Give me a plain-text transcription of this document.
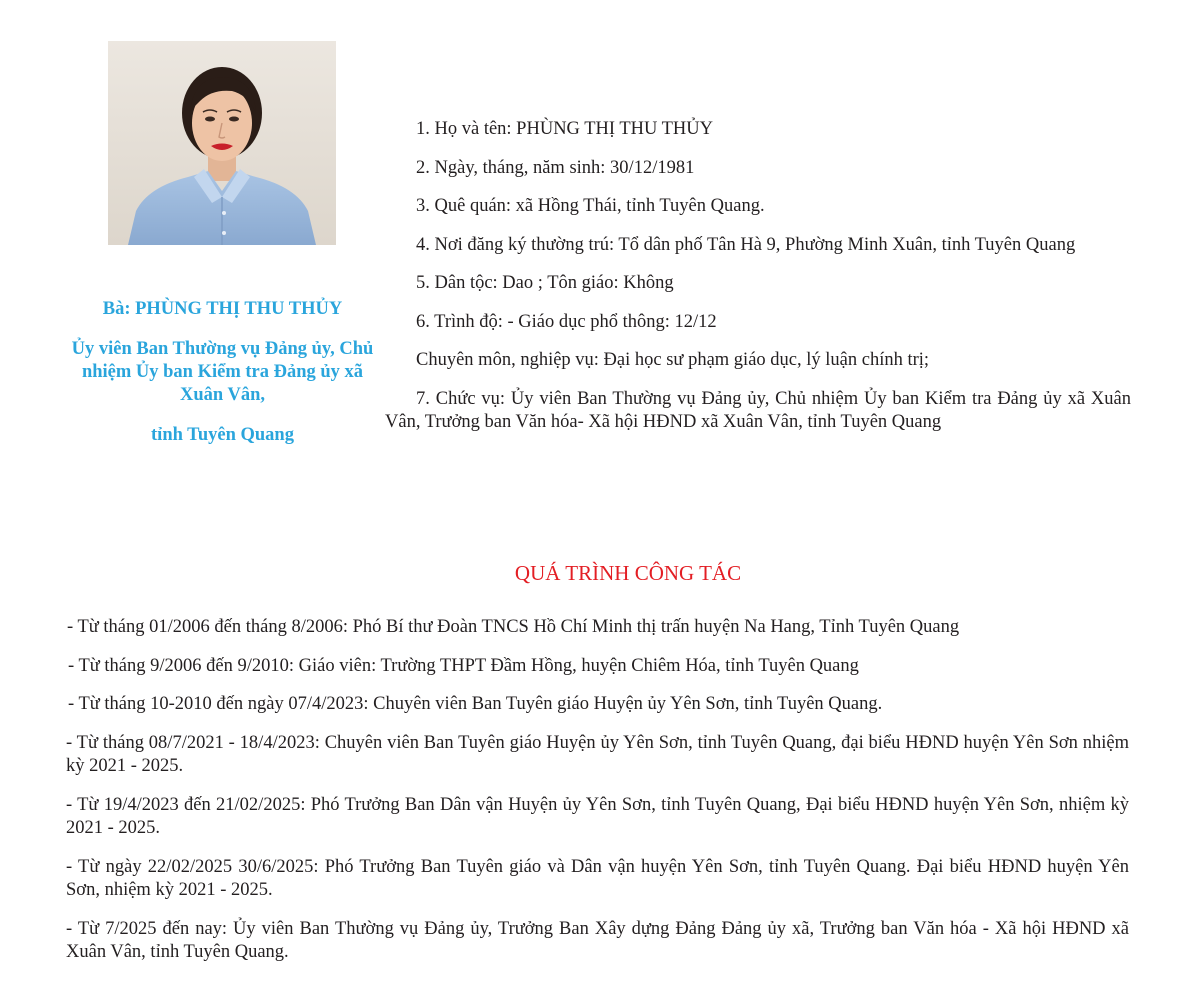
Bà: PHÙNG THỊ THU THỦY
Ủy viên Ban Thường vụ Đảng ủy, Chủ nhiệm Ủy ban Kiểm tra Đảng ủy xã Xuân Vân,
tỉnh Tuyên Quang

1. Họ và tên: PHÙNG THỊ THU THỦY

2. Ngày, tháng, năm sinh: 30/12/1981

3. Quê quán: xã Hồng Thái, tỉnh Tuyên Quang.

4. Nơi đăng ký thường trú: Tổ dân phố Tân Hà 9, Phường Minh Xuân, tỉnh Tuyên Quang

5. Dân tộc: Dao ; Tôn giáo: Không

6. Trình độ: - Giáo dục phổ thông: 12/12

Chuyên môn, nghiệp vụ: Đại học sư phạm giáo dục, lý luận chính trị;

7. Chức vụ: Ủy viên Ban Thường vụ Đảng ủy, Chủ nhiệm Ủy ban Kiểm tra Đảng ủy xã Xuân Vân, Trưởng ban Văn hóa- Xã hội HĐND xã Xuân Vân, tỉnh Tuyên Quang

QUÁ TRÌNH CÔNG TÁC

- Từ tháng 01/2006 đến tháng 8/2006: Phó Bí thư Đoàn TNCS Hồ Chí Minh thị trấn huyện Na Hang, Tỉnh Tuyên Quang

- Từ tháng 9/2006 đến 9/2010: Giáo viên: Trường THPT Đầm Hồng, huyện Chiêm Hóa, tỉnh Tuyên Quang

- Từ tháng 10-2010 đến ngày 07/4/2023: Chuyên viên Ban Tuyên giáo Huyện ủy Yên Sơn, tỉnh Tuyên Quang.

- Từ tháng 08/7/2021 - 18/4/2023: Chuyên viên Ban Tuyên giáo Huyện ủy Yên Sơn, tỉnh Tuyên Quang, đại biểu HĐND huyện Yên Sơn nhiệm kỳ 2021 - 2025.

- Từ 19/4/2023 đến 21/02/2025: Phó Trưởng Ban Dân vận Huyện ủy Yên Sơn, tỉnh Tuyên Quang, Đại biểu HĐND huyện Yên Sơn, nhiệm kỳ 2021 - 2025.

- Từ ngày 22/02/2025 30/6/2025: Phó Trưởng Ban Tuyên giáo và Dân vận huyện Yên Sơn, tỉnh Tuyên Quang. Đại biểu HĐND huyện Yên Sơn, nhiệm kỳ 2021 - 2025.

- Từ 7/2025 đến nay: Ủy viên Ban Thường vụ Đảng ủy, Trưởng Ban Xây dựng Đảng Đảng ủy xã, Trưởng ban Văn hóa - Xã hội HĐND xã Xuân Vân, tỉnh Tuyên Quang.
